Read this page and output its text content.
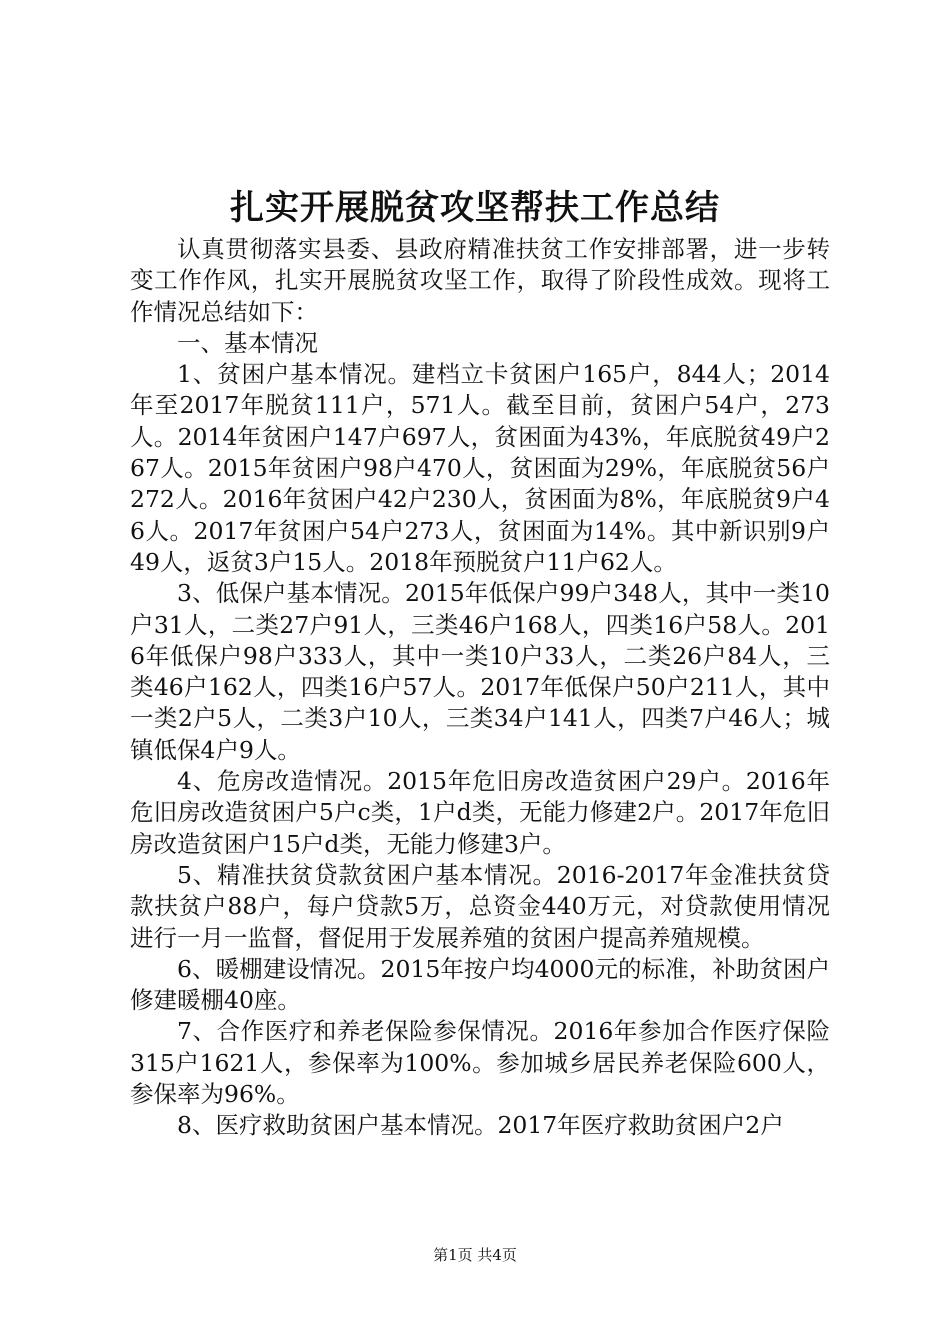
扎实开展脱贫攻坚帮扶工作总结

认真贯彻落实县委、县政府精准扶贫工作安排部署，进一步转变工作作风，扎实开展脱贫攻坚工作，取得了阶段性成效。现将工作情况总结如下：

一、基本情况

1、贫困户基本情况。建档立卡贫困户165户，844人；2014年至2017年脱贫111户，571人。截至目前，贫困户54户，273人。2014年贫困户147户697人，贫困面为43%，年底脱贫49户267人。2015年贫困户98户470人，贫困面为29%，年底脱贫56户272人。2016年贫困户42户230人，贫困面为8%，年底脱贫9户46人。2017年贫困户54户273人，贫困面为14%。其中新识别9户49人，返贫3户15人。2018年预脱贫户11户62人。

3、低保户基本情况。2015年低保户99户348人，其中一类10户31人，二类27户91人，三类46户168人，四类16户58人。2016年低保户98户333人，其中一类10户33人，二类26户84人，三类46户162人，四类16户57人。2017年低保户50户211人，其中一类2户5人，二类3户10人，三类34户141人，四类7户46人；城镇低保4户9人。

4、危房改造情况。2015年危旧房改造贫困户29户。2016年危旧房改造贫困户5户c类，1户d类，无能力修建2户。2017年危旧房改造贫困户15户d类，无能力修建3户。

5、精准扶贫贷款贫困户基本情况。2016-2017年金准扶贫贷款扶贫户88户，每户贷款5万，总资金440万元，对贷款使用情况进行一月一监督，督促用于发展养殖的贫困户提高养殖规模。

6、暖棚建设情况。2015年按户均4000元的标准，补助贫困户修建暖棚40座。

7、合作医疗和养老保险参保情况。2016年参加合作医疗保险315户1621人，参保率为100%。参加城乡居民养老保险600人，参保率为96%。

8、医疗救助贫困户基本情况。2017年医疗救助贫困户2户

第1页 共4页
